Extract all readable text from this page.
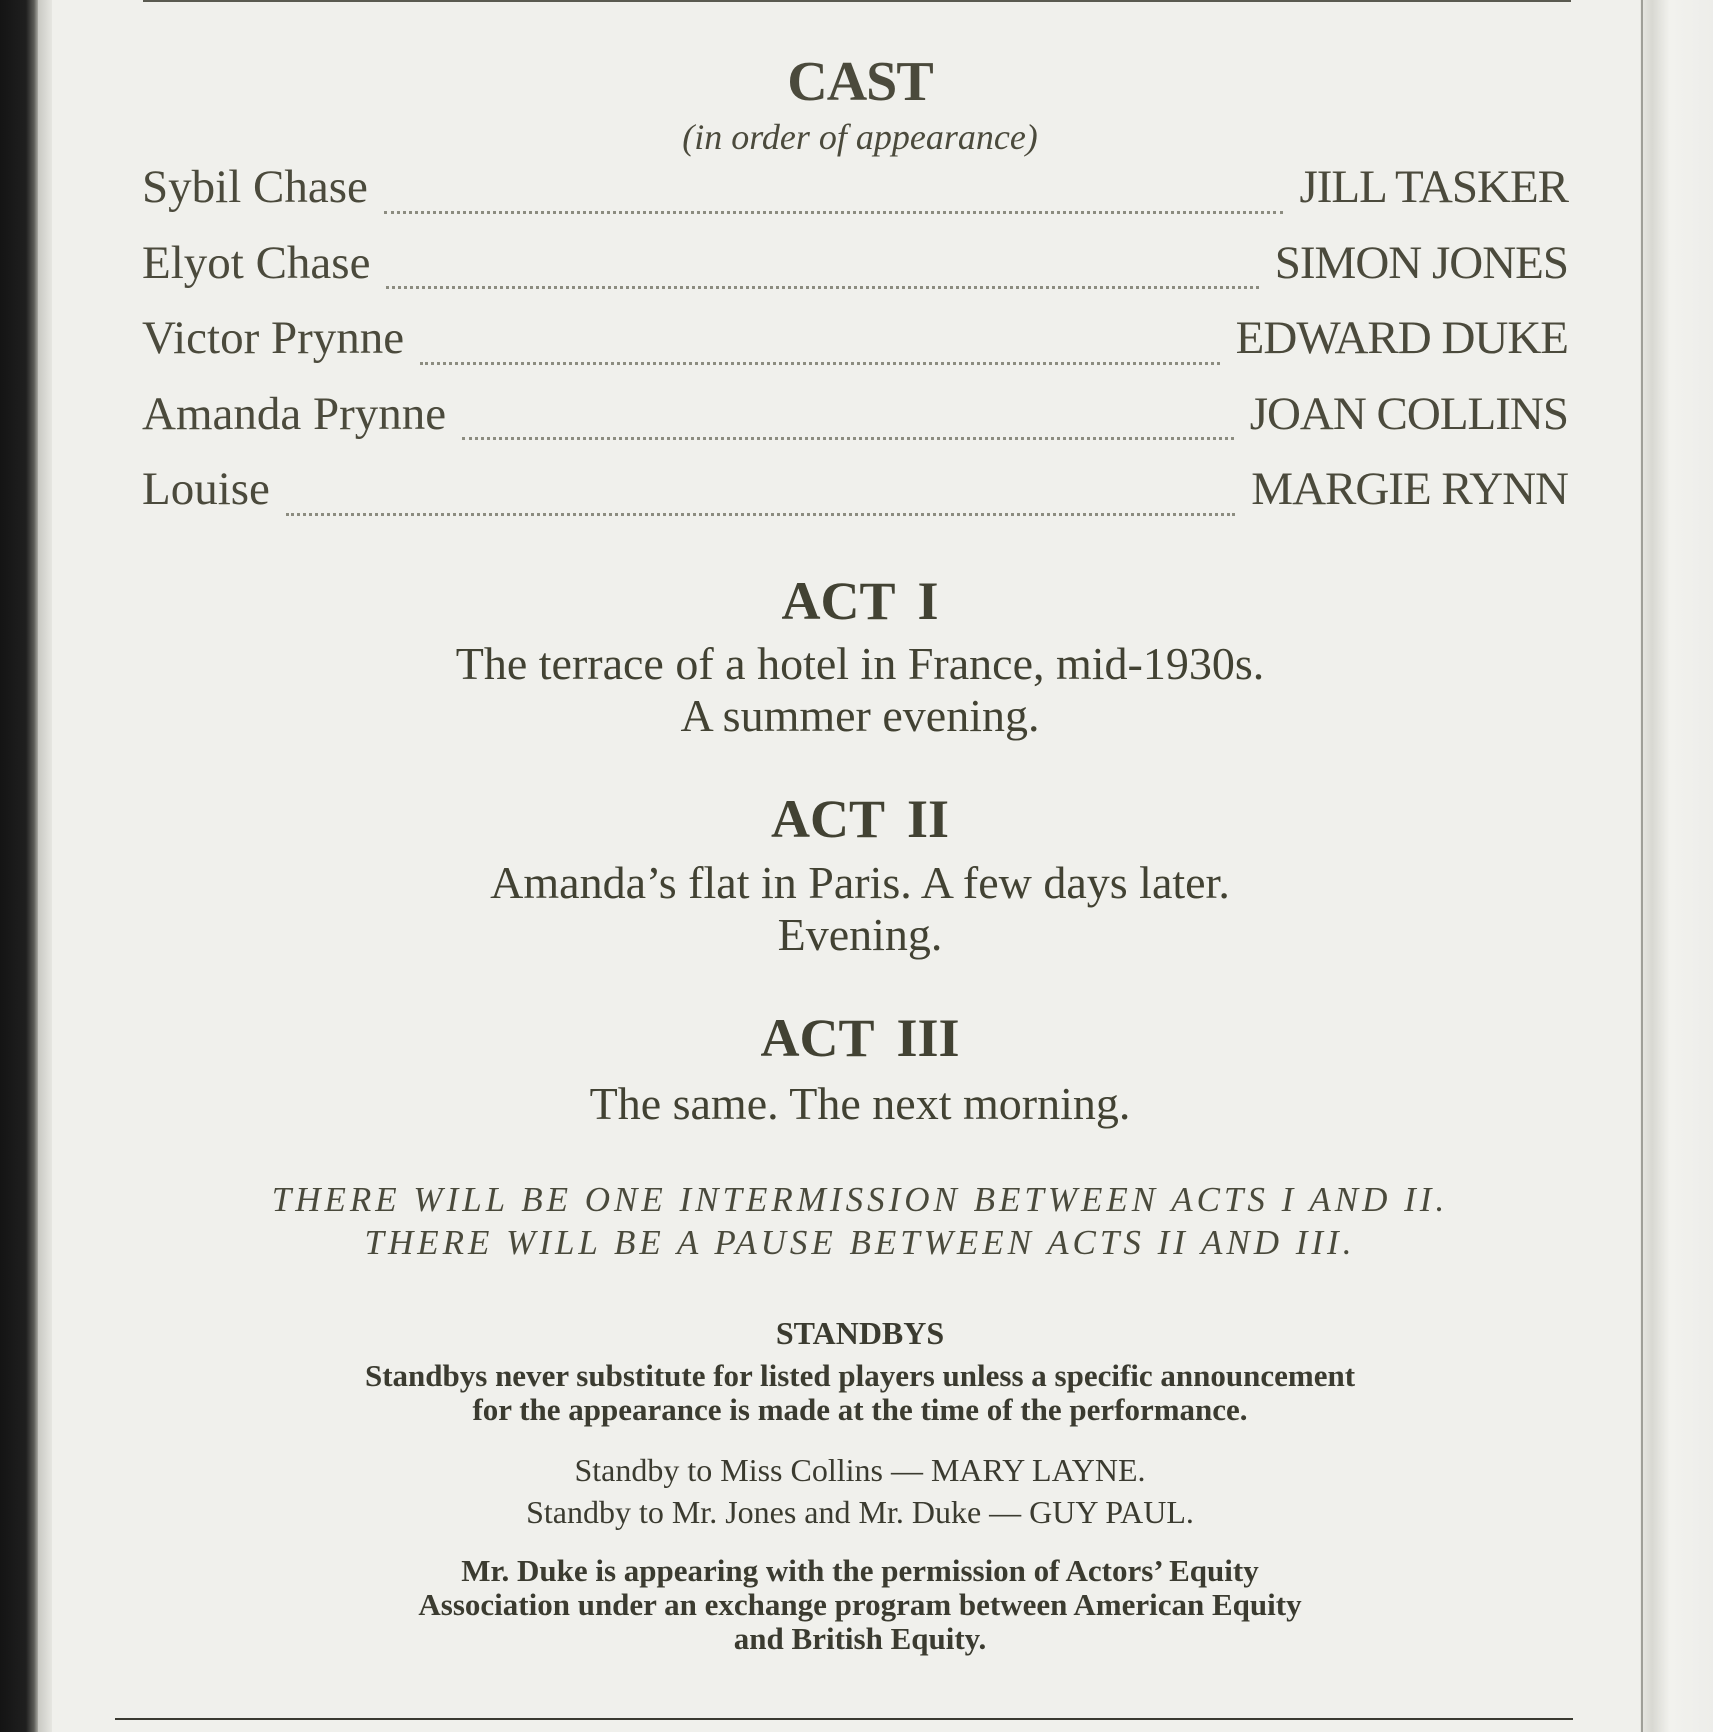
CAST
(in order of appearance)
Sybil Chase	JILL TASKER
Elyot Chase	SIMON JONES
Victor Prynne	EDWARD DUKE
Amanda Prynne	JOAN COLLINS
Louise	MARGIE RYNN
ACT I
The terrace of a hotel in France, mid-1930s.
A summer evening.
ACT II
Amanda’s flat in Paris. A few days later.
Evening.
ACT III
The same. The next morning.
THERE WILL BE ONE INTERMISSION BETWEEN ACTS I AND II.
THERE WILL BE A PAUSE BETWEEN ACTS II AND III.
STANDBYS
Standbys never substitute for listed players unless a specific announcement
for the appearance is made at the time of the performance.
Standby to Miss Collins — MARY LAYNE.
Standby to Mr. Jones and Mr. Duke — GUY PAUL.
Mr. Duke is appearing with the permission of Actors’ Equity
Association under an exchange program between American Equity
and British Equity.
